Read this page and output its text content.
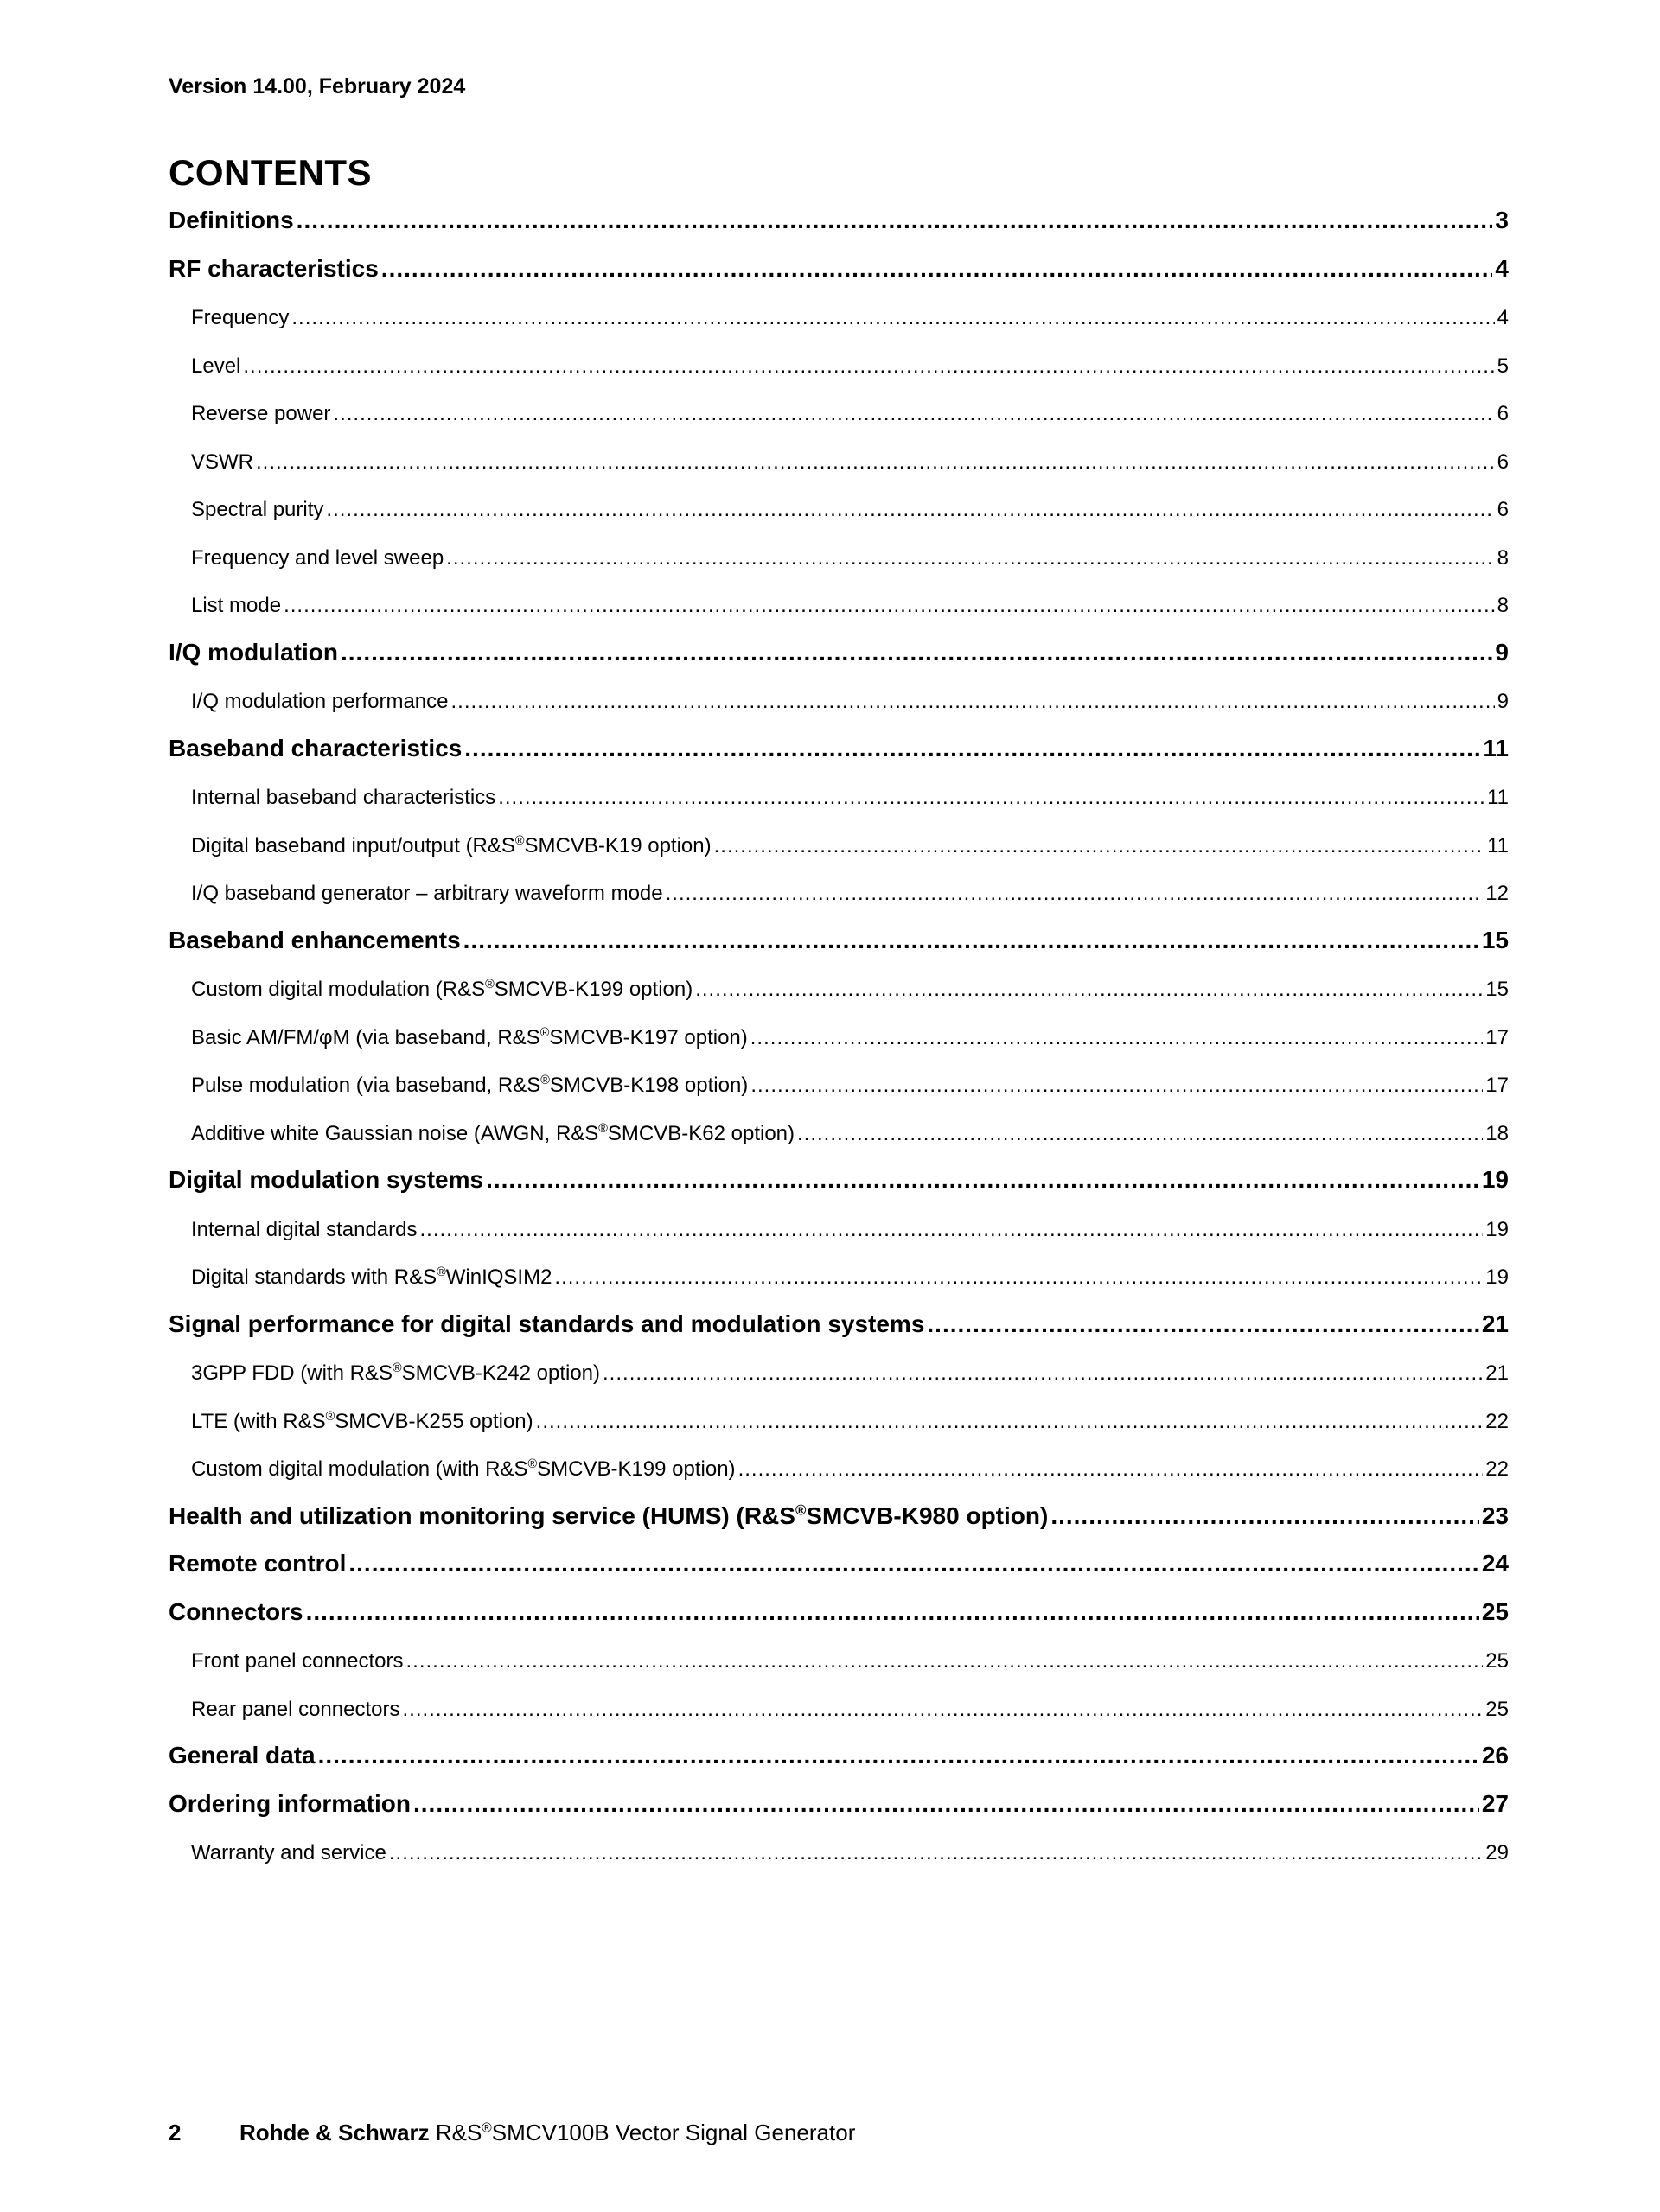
Version 14.00, February 2024
CONTENTS
Definitions .....	3
RF characteristics .....	4
Frequency .....	4
Level .....	5
Reverse power .....	6
VSWR .....	6
Spectral purity .....	6
Frequency and level sweep .....	8
List mode .....	8
I/Q modulation .....	9
I/Q modulation performance .....	9
Baseband characteristics .....	11
Internal baseband characteristics .....	11
Digital baseband input/output (R&S®SMCVB-K19 option) .....	11
I/Q baseband generator – arbitrary waveform mode .....	12
Baseband enhancements .....	15
Custom digital modulation (R&S®SMCVB-K199 option) .....	15
Basic AM/FM/φM (via baseband, R&S®SMCVB-K197 option) .....	17
Pulse modulation (via baseband, R&S®SMCVB-K198 option) .....	17
Additive white Gaussian noise (AWGN, R&S®SMCVB-K62 option) .....	18
Digital modulation systems .....	19
Internal digital standards .....	19
Digital standards with R&S®WinIQSIM2 .....	19
Signal performance for digital standards and modulation systems .....	21
3GPP FDD (with R&S®SMCVB-K242 option) .....	21
LTE (with R&S®SMCVB-K255 option) .....	22
Custom digital modulation (with R&S®SMCVB-K199 option) .....	22
Health and utilization monitoring service (HUMS) (R&S®SMCVB-K980 option) .....	23
Remote control .....	24
Connectors .....	25
Front panel connectors .....	25
Rear panel connectors .....	25
General data .....	26
Ordering information .....	27
Warranty and service .....	29
2	Rohde & Schwarz R&S®SMCV100B Vector Signal Generator
